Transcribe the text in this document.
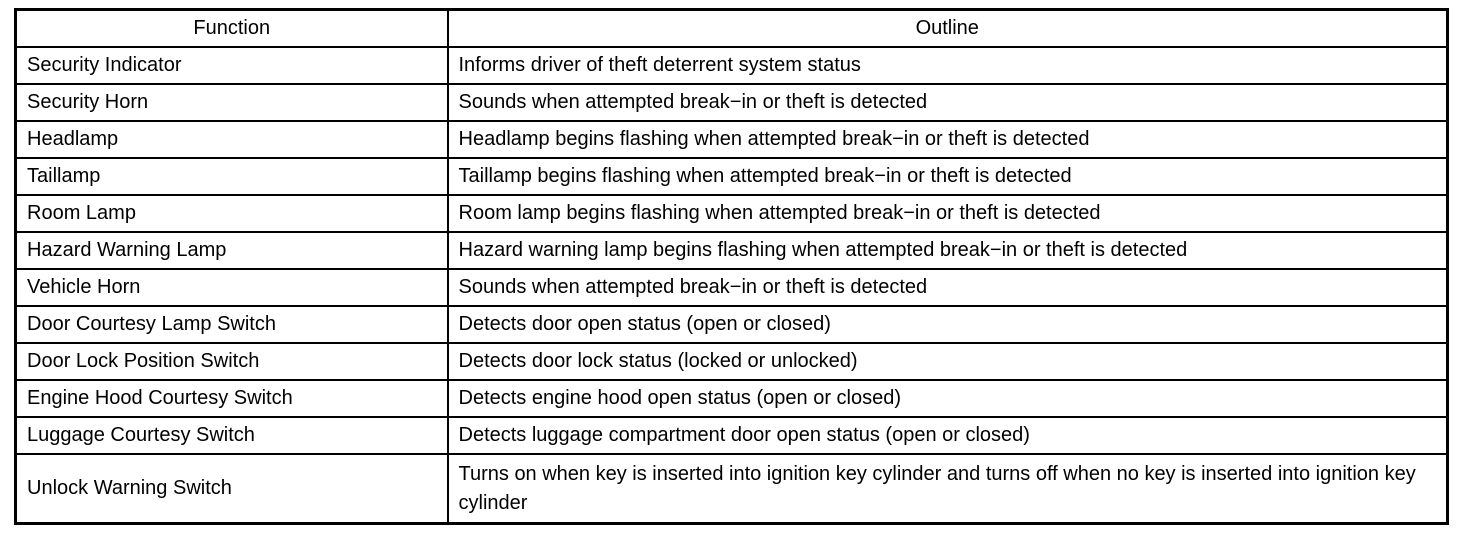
Function	Outline
Security Indicator	Informs driver of theft deterrent system status
Security Horn	Sounds when attempted break−in or theft is detected
Headlamp	Headlamp begins flashing when attempted break−in or theft is detected
Taillamp	Taillamp begins flashing when attempted break−in or theft is detected
Room Lamp	Room lamp begins flashing when attempted break−in or theft is detected
Hazard Warning Lamp	Hazard warning lamp begins flashing when attempted break−in or theft is detected
Vehicle Horn	Sounds when attempted break−in or theft is detected
Door Courtesy Lamp Switch	Detects door open status (open or closed)
Door Lock Position Switch	Detects door lock status (locked or unlocked)
Engine Hood Courtesy Switch	Detects engine hood open status (open or closed)
Luggage Courtesy Switch	Detects luggage compartment door open status (open or closed)
Unlock Warning Switch	Turns on when key is inserted into ignition key cylinder and turns off when no key is inserted into ignition key cylinder
